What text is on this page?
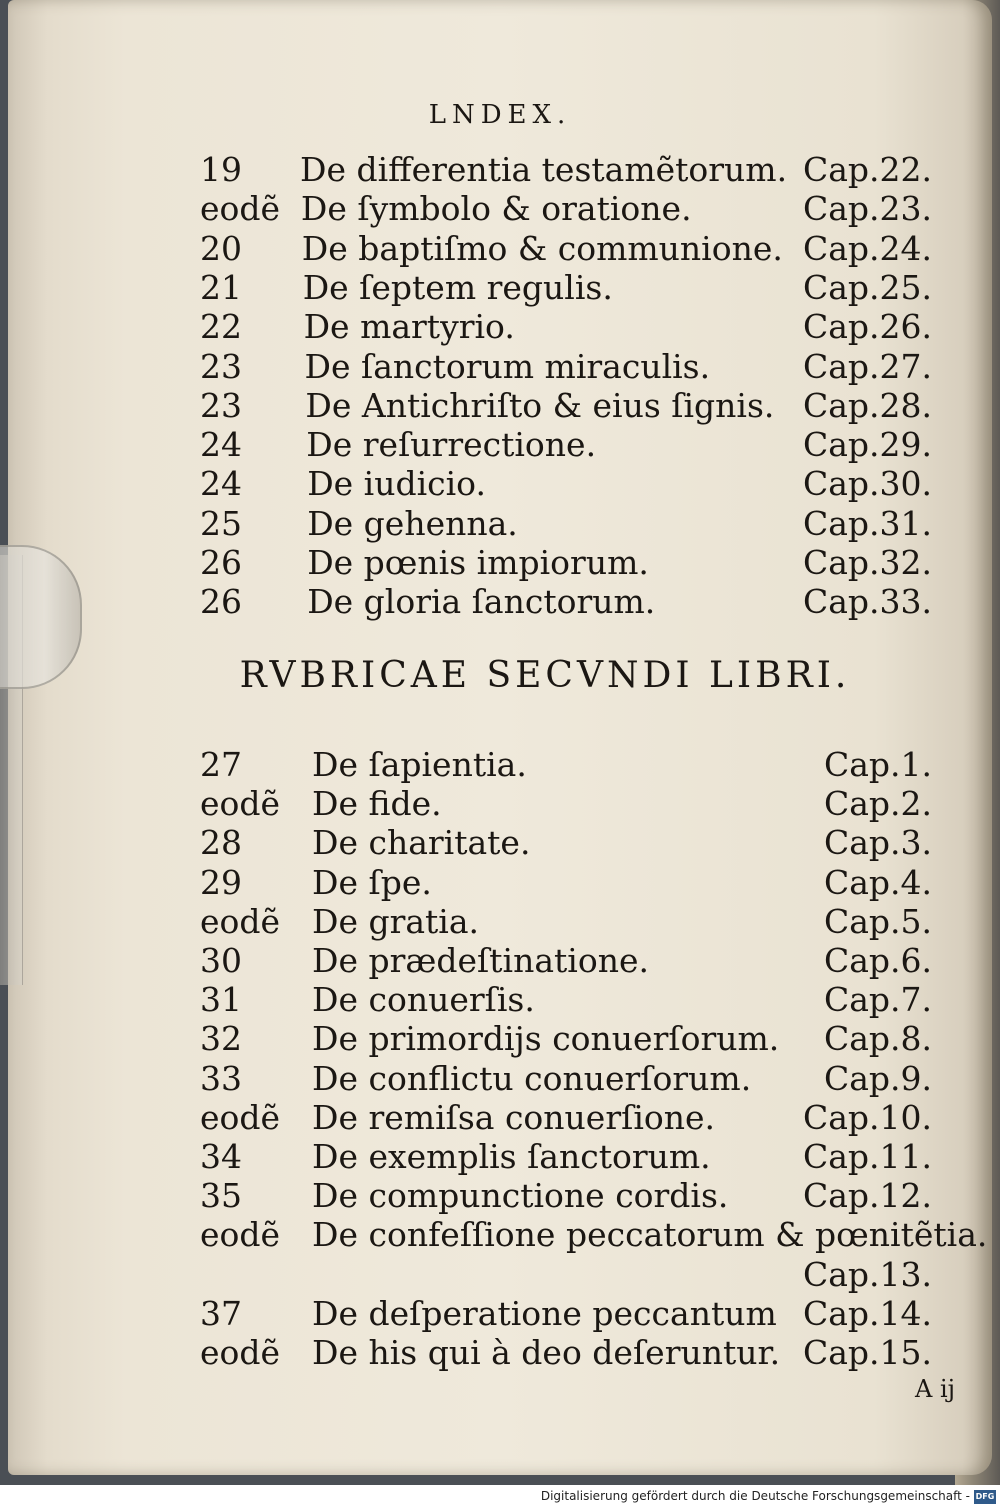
LNDEX.
19	De differentia testamẽtorum. Cap.22.
eodẽ De ſymbolo & oratione.	Cap.23.
20	De baptiſmo & communione. Cap.24.
21	De ſeptem regulis.	Cap.25.
22	De martyrio.	Cap.26.
23	De ſanctorum miraculis.	Cap.27.
23	De Antichriſto & eius ſignis. Cap.28.
24	De reſurrectione.	Cap.29.
24	De iudicio.	Cap.30.
25	De gehenna.	Cap.31.
26	De pœnis impiorum.	Cap.32.
26	De gloria ſanctorum.	Cap.33.
RVBRICAE SECVNDI LIBRI.
27	De ſapientia.	Cap.1.
eodẽ De fide.	Cap.2.
28	De charitate.	Cap.3.
29	De ſpe.	Cap.4.
eodẽ De gratia.	Cap.5.
30	De prædeſtinatione.	Cap.6.
31	De conuerſis.	Cap.7.
32	De primordijs conuerſorum. Cap.8.
33	De conflictu conuerſorum. Cap.9.
eodẽ De remiſsa conuerſione.	Cap.10.
34	De exemplis ſanctorum.	Cap.11.
35	De compunctione cordis. Cap.12.
eodẽ De confeſſione peccatorum & pœnitẽtia.
Cap.13.
37	De deſperatione peccantum Cap.14.
eodẽ De his qui à deo deſeruntur. Cap.15.
A ij
Digitalisierung gefördert durch die Deutsche Forschungsgemeinschaft - DFG
